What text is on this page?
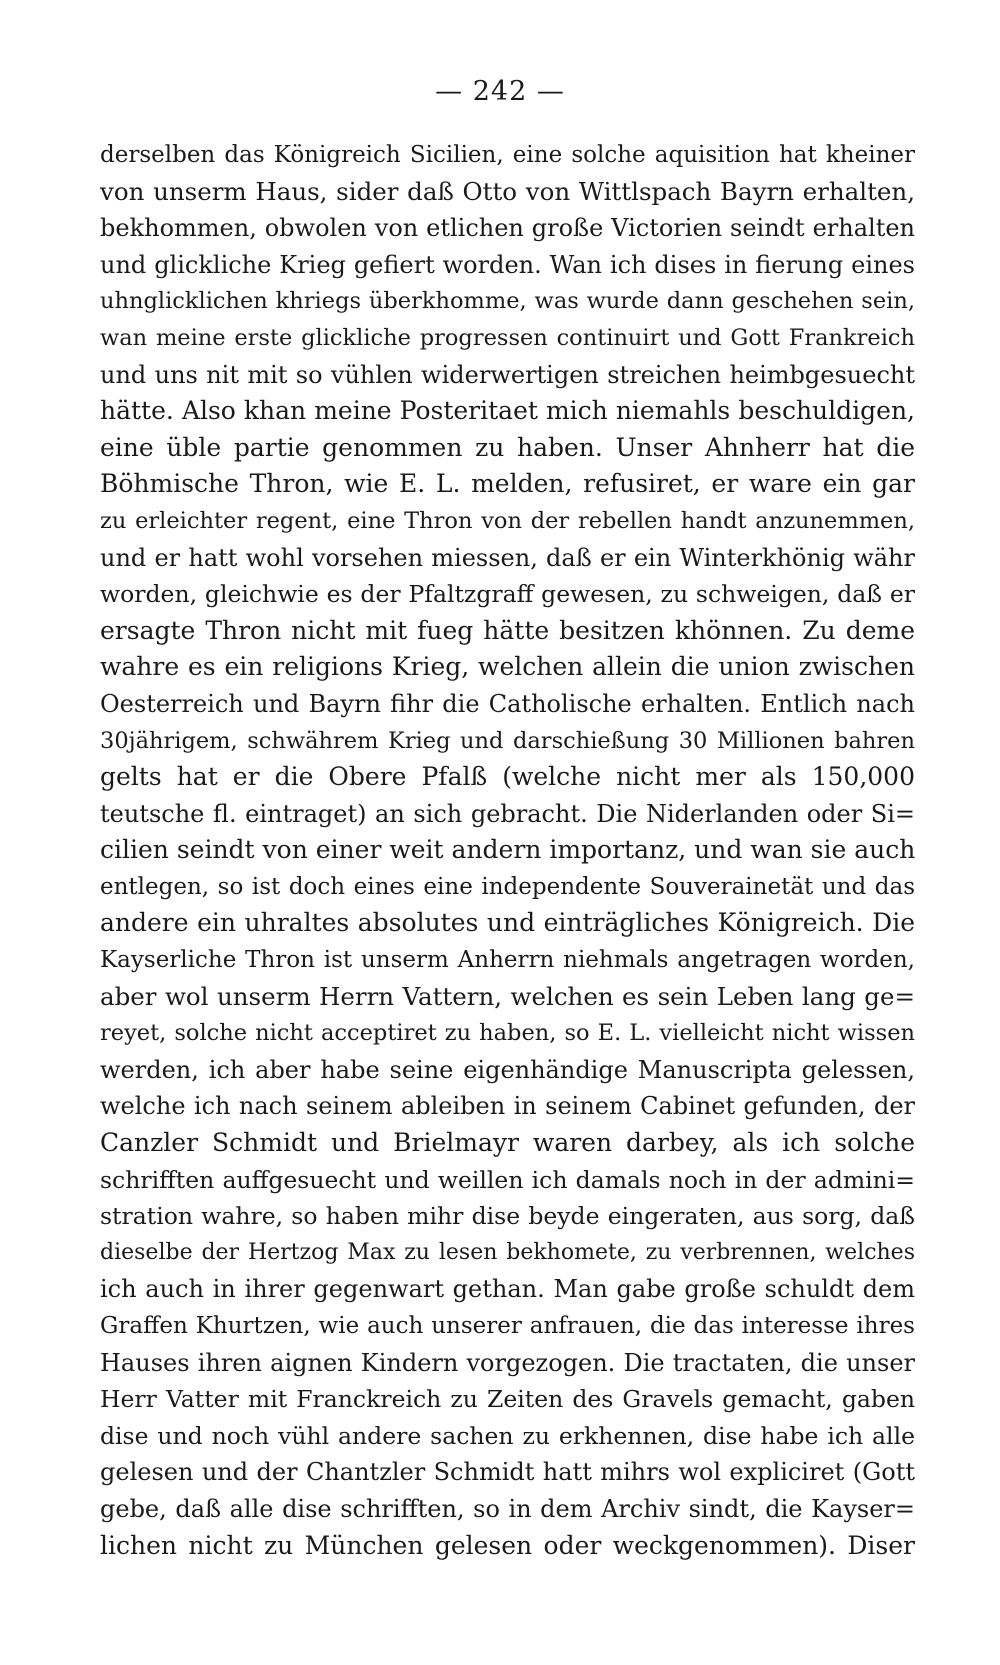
— 242 —
derselben das Königreich Sicilien, eine solche aquisition hat kheiner
von unserm Haus, sider daß Otto von Wittlspach Bayrn erhalten,
bekhommen, obwolen von etlichen große Victorien seindt erhalten
und glickliche Krieg gefiert worden. Wan ich dises in fierung eines
uhnglicklichen khriegs überkhomme, was wurde dann geschehen sein,
wan meine erste glickliche progressen continuirt und Gott Frankreich
und uns nit mit so vühlen widerwertigen streichen heimbgesuecht
hätte. Also khan meine Posteritaet mich niemahls beschuldigen,
eine üble partie genommen zu haben. Unser Ahnherr hat die
Böhmische Thron, wie E. L. melden, refusiret, er ware ein gar
zu erleichter regent, eine Thron von der rebellen handt anzunemmen,
und er hatt wohl vorsehen miessen, daß er ein Winterkhönig währ
worden, gleichwie es der Pfaltzgraff gewesen, zu schweigen, daß er
ersagte Thron nicht mit fueg hätte besitzen khönnen. Zu deme
wahre es ein religions Krieg, welchen allein die union zwischen
Oesterreich und Bayrn fihr die Catholische erhalten. Entlich nach
30jährigem, schwährem Krieg und darschießung 30 Millionen bahren
gelts hat er die Obere Pfalß (welche nicht mer als 150,000
teutsche fl. eintraget) an sich gebracht. Die Niderlanden oder Si=
cilien seindt von einer weit andern importanz, und wan sie auch
entlegen, so ist doch eines eine independente Souverainetät und das
andere ein uhraltes absolutes und einträgliches Königreich. Die
Kayserliche Thron ist unserm Anherrn niehmals angetragen worden,
aber wol unserm Herrn Vattern, welchen es sein Leben lang ge=
reyet, solche nicht acceptiret zu haben, so E. L. vielleicht nicht wissen
werden, ich aber habe seine eigenhändige Manuscripta gelessen,
welche ich nach seinem ableiben in seinem Cabinet gefunden, der
Canzler Schmidt und Brielmayr waren darbey, als ich solche
schrifften auffgesuecht und weillen ich damals noch in der admini=
stration wahre, so haben mihr dise beyde eingeraten, aus sorg, daß
dieselbe der Hertzog Max zu lesen bekhomete, zu verbrennen, welches
ich auch in ihrer gegenwart gethan. Man gabe große schuldt dem
Graffen Khurtzen, wie auch unserer anfrauen, die das interesse ihres
Hauses ihren aignen Kindern vorgezogen. Die tractaten, die unser
Herr Vatter mit Franckreich zu Zeiten des Gravels gemacht, gaben
dise und noch vühl andere sachen zu erkhennen, dise habe ich alle
gelesen und der Chantzler Schmidt hatt mihrs wol expliciret (Gott
gebe, daß alle dise schrifften, so in dem Archiv sindt, die Kayser=
lichen nicht zu München gelesen oder weckgenommen). Diser
